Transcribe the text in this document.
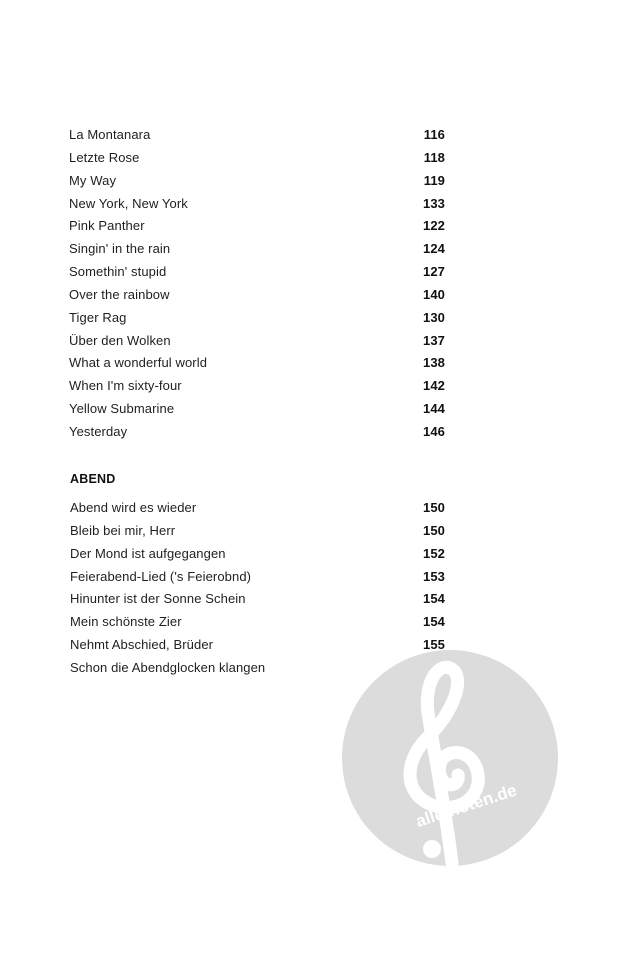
La Montanara	116
Letzte Rose	118
My Way	119
New York, New York	133
Pink Panther	122
Singin' in the rain	124
Somethin' stupid	127
Over the rainbow	140
Tiger Rag	130
Über den Wolken	137
What a wonderful world	138
When I'm sixty-four	142
Yellow Submarine	144
Yesterday	146
ABEND
Abend wird es wieder	150
Bleib bei mir, Herr	150
Der Mond ist aufgegangen	152
Feierabend-Lied ('s Feierobnd)	153
Hinunter ist der Sonne Schein	154
Mein schönste Zier	154
Nehmt Abschied, Brüder	155
Schon die Abendglocken klangen
alle-noten.de
